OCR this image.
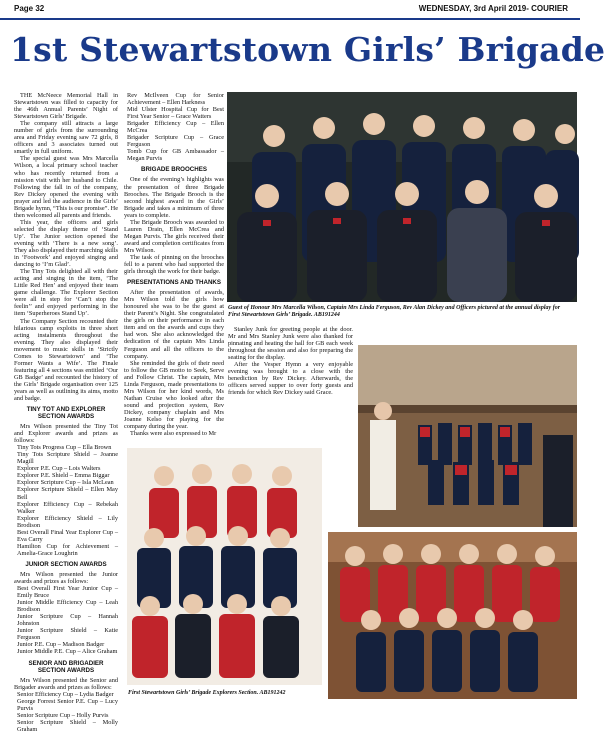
Page 32	WEDNESDAY, 3rd April 2019- COURIER
1st Stewartstown Girls’ Brigade

THE McNeece Memorial Hall in Stewartstown was filled to capacity for the 46th Annual Parents’ Night of Stewartstown Girls’ Brigade.

The company still attracts a large number of girls from the surrounding area and Friday evening saw 72 girls, 8 officers and 3 associates turned out smartly in full uniform.

The special guest was Mrs Marcella Wilson, a local primary school teacher who has recently returned from a mission visit with her husband to Chile. Following the fall in of the company, Rev Dickey opened the evening with prayer and led the audience in the Girls’ Brigade hymn, “This is our promise”. He then welcomed all parents and friends.

This year, the officers and girls selected the display theme of ‘Stand Up’. The Junior section opened the evening with ‘There is a new song’. They also displayed their marching skills in ‘Footwork’ and enjoyed singing and dancing to ‘I’m Glad’.

The Tiny Tots delighted all with their acting and singing in the item, ‘The Little Red Hen’ and enjoyed their team game challenge. The Explorer Section were all in step for ‘Can’t stop the feelin’’ and enjoyed performing in the item ‘Superheroes Stand Up’.

The Company Section recounted their hilarious camp exploits in three short acting instalments throughout the evening. They also displayed their movement to music skills in ‘Strictly Comes to Stewartstown’ and ‘The Former Wants a Wife’. The Finale featuring all 4 sections was entitled ‘Our GB Badge’ and recounted the history of the Girls’ Brigade organisation over 125 years as well as outlining its aims, motto and badge.

TINY TOT AND EXPLORER SECTION AWARDS

Mrs Wilson presented the Tiny Tot and Explorer awards and prizes as follows:

Tiny Tots Progress Cup – Ella Brown

Tiny Tots Scripture Shield – Joanne Magill

Explorer P.E. Cup – Lois Walters

Explorer P.E. Shield – Emma Biggar

Explorer Scripture Cup – Isla McLean

Explorer Scripture Shield – Ellen May Bell

Explorer Efficiency Cup – Rebekah Walker

Explorer Efficiency Shield – Lily Brodison

Best Overall Final Year Explorer Cup – Eva Carry

Hamilton Cup for Achievement – Amelia-Grace Loughrin

JUNIOR SECTION AWARDS

Mrs Wilson presented the Junior awards and prizes as follows:

Best Overall First Year Junior Cup – Emily Bruce

Junior Middle Efficiency Cup – Leah Brodison

Junior Scripture Cup – Hannah Johnston

Junior Scripture Shield – Katie Ferguson

Junior P.E. Cup – Madison Badger

Junior Middle P.E. Cup – Alice Graham

SENIOR AND BRIGADIER SECTION AWARDS

Mrs Wilson presented the Senior and Brigader awards and prizes as follows:

Senior Efficiency Cup – Lydia Badger

George Forrest Senior P.E. Cup – Lucy Purvis

Senior Scripture Cup – Holly Purvis

Senior Scripture Shield – Molly Graham

Rev McIlveen Cup for Senior Achievement – Ellen Harkness

Mid Ulster Hospital Cup for Best First Year Senior – Grace Watters

Brigader Efficiency Cup – Ellen McCrea

Brigader Scripture Cup – Grace Ferguson

Tomb Cup for GB Ambassador – Megan Purvis

BRIGADE BROOCHES

One of the evening’s highlights was the presentation of three Brigade Brooches. The Brigade Brooch is the second highest award in the Girls’ Brigade and takes a minimum of three years to complete.

The Brigade Brooch was awarded to Lauren Drain, Ellen McCrea and Megan Purvis. The girls received their award and completion certificates from Mrs Wilson.

The task of pinning on the brooches fell to a parent who had supported the girls through the work for their badge.

PRESENTATIONS AND THANKS

After the presentation of awards, Mrs Wilson told the girls how honoured she was to be the guest at their Parent’s Night. She congratulated the girls on their performance in each item and on the awards and cups they had won. She also acknowledged the dedication of the captain Mrs Linda Ferguson and all the officers to the company.

She reminded the girls of their need to follow the GB motto to Seek, Serve and Follow Christ. The captain, Mrs Linda Ferguson, made presentations to Mrs Wilson for her kind words, Ms Nathan Cruise who looked after the sound and projection system, Rev Dickey, company chaplain and Mrs Joanne Kelso for playing for the company during the year.

Thanks were also expressed to Mr

Stanley Junk for greeting people at the door. Mr and Mrs Stanley Junk were also thanked for pinnating and heating the hall for GB each week throughout the session and also for preparing the seating for the display.

After the Vesper Hymn a very enjoyable evening was brought to a close with the benediction by Rev Dickey. Afterwards, the officers served supper to over forty guests and friends for which Rev Dickey said Grace.

Guest of Honour Mrs Marcella Wilson, Captain Mrs Linda Ferguson, Rev Alan Dickey and Officers pictured at the annual display for First Stewartstown Girls’ Brigade. AB191244
First Stewartstown Girls’ Brigade Explorers Section. AB191242
